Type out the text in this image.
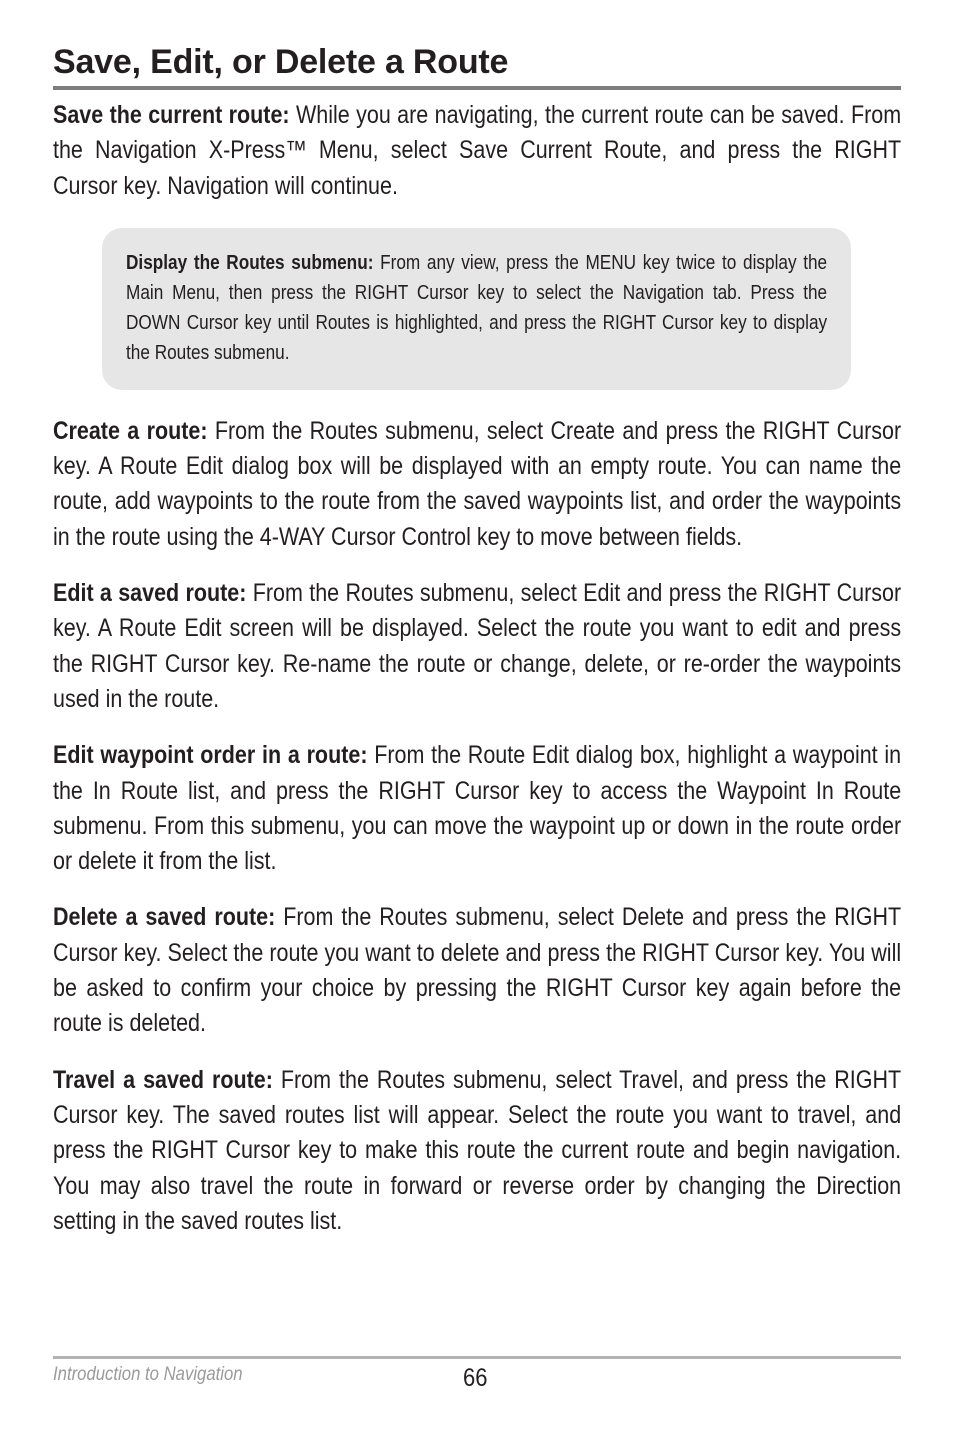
Save, Edit, or Delete a Route

Save the current route: While you are navigating, the current route can be saved. From the Navigation X-Press™ Menu, select Save Current Route, and press the RIGHT Cursor key. Navigation will continue.

Display the Routes submenu: From any view, press the MENU key twice to display the Main Menu, then press the RIGHT Cursor key to select the Navigation tab. Press the DOWN Cursor key until Routes is highlighted, and press the RIGHT Cursor key to display the Routes submenu.

Create a route: From the Routes submenu, select Create and press the RIGHT Cursor key. A Route Edit dialog box will be displayed with an empty route. You can name the route, add waypoints to the route from the saved waypoints list, and order the waypoints in the route using the 4-WAY Cursor Control key to move between fields.

Edit a saved route: From the Routes submenu, select Edit and press the RIGHT Cursor key. A Route Edit screen will be displayed. Select the route you want to edit and press the RIGHT Cursor key. Re-name the route or change, delete, or re-order the waypoints used in the route.

Edit waypoint order in a route: From the Route Edit dialog box, highlight a waypoint in the In Route list, and press the RIGHT Cursor key to access the Waypoint In Route submenu. From this submenu, you can move the waypoint up or down in the route order or delete it from the list.

Delete a saved route: From the Routes submenu, select Delete and press the RIGHT Cursor key. Select the route you want to delete and press the RIGHT Cursor key. You will be asked to confirm your choice by pressing the RIGHT Cursor key again before the route is deleted.

Travel a saved route: From the Routes submenu, select Travel, and press the RIGHT Cursor key. The saved routes list will appear. Select the route you want to travel, and press the RIGHT Cursor key to make this route the current route and begin navigation. You may also travel the route in forward or reverse order by changing the Direction setting in the saved routes list.

Introduction to Navigation	66
